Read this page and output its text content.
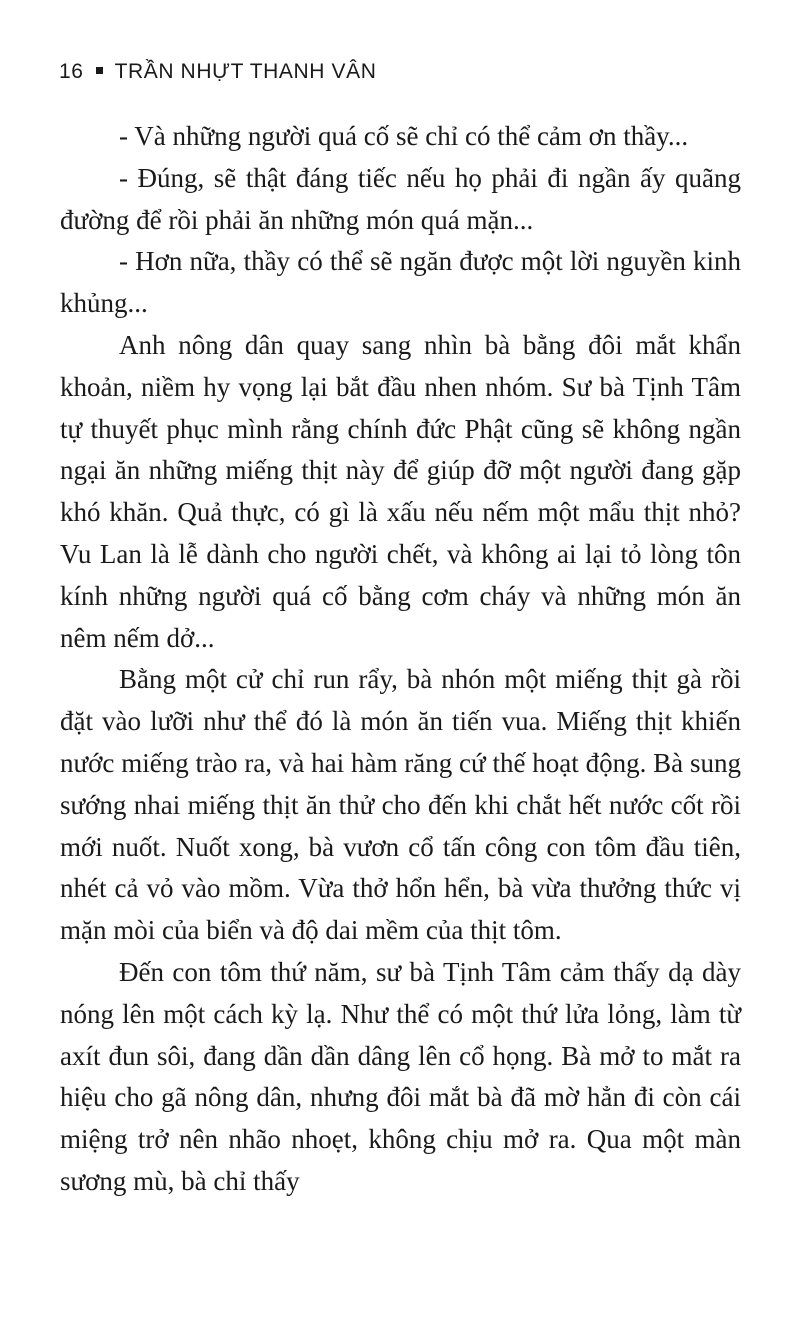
16 TRẦN NHỰT THANH VÂN

- Và những người quá cố sẽ chỉ có thể cảm ơn thầy...

- Đúng, sẽ thật đáng tiếc nếu họ phải đi ngần ấy quãng đường để rồi phải ăn những món quá mặn...

- Hơn nữa, thầy có thể sẽ ngăn được một lời nguyền kinh khủng...

Anh nông dân quay sang nhìn bà bằng đôi mắt khẩn khoản, niềm hy vọng lại bắt đầu nhen nhóm. Sư bà Tịnh Tâm tự thuyết phục mình rằng chính đức Phật cũng sẽ không ngần ngại ăn những miếng thịt này để giúp đỡ một người đang gặp khó khăn. Quả thực, có gì là xấu nếu nếm một mẩu thịt nhỏ? Vu Lan là lễ dành cho người chết, và không ai lại tỏ lòng tôn kính những người quá cố bằng cơm cháy và những món ăn nêm nếm dở...

Bằng một cử chỉ run rẩy, bà nhón một miếng thịt gà rồi đặt vào lưỡi như thể đó là món ăn tiến vua. Miếng thịt khiến nước miếng trào ra, và hai hàm răng cứ thế hoạt động. Bà sung sướng nhai miếng thịt ăn thử cho đến khi chắt hết nước cốt rồi mới nuốt. Nuốt xong, bà vươn cổ tấn công con tôm đầu tiên, nhét cả vỏ vào mồm. Vừa thở hổn hển, bà vừa thưởng thức vị mặn mòi của biển và độ dai mềm của thịt tôm.

Đến con tôm thứ năm, sư bà Tịnh Tâm cảm thấy dạ dày nóng lên một cách kỳ lạ. Như thể có một thứ lửa lỏng, làm từ axít đun sôi, đang dần dần dâng lên cổ họng. Bà mở to mắt ra hiệu cho gã nông dân, nhưng đôi mắt bà đã mờ hẳn đi còn cái miệng trở nên nhão nhoẹt, không chịu mở ra. Qua một màn sương mù, bà chỉ thấy
